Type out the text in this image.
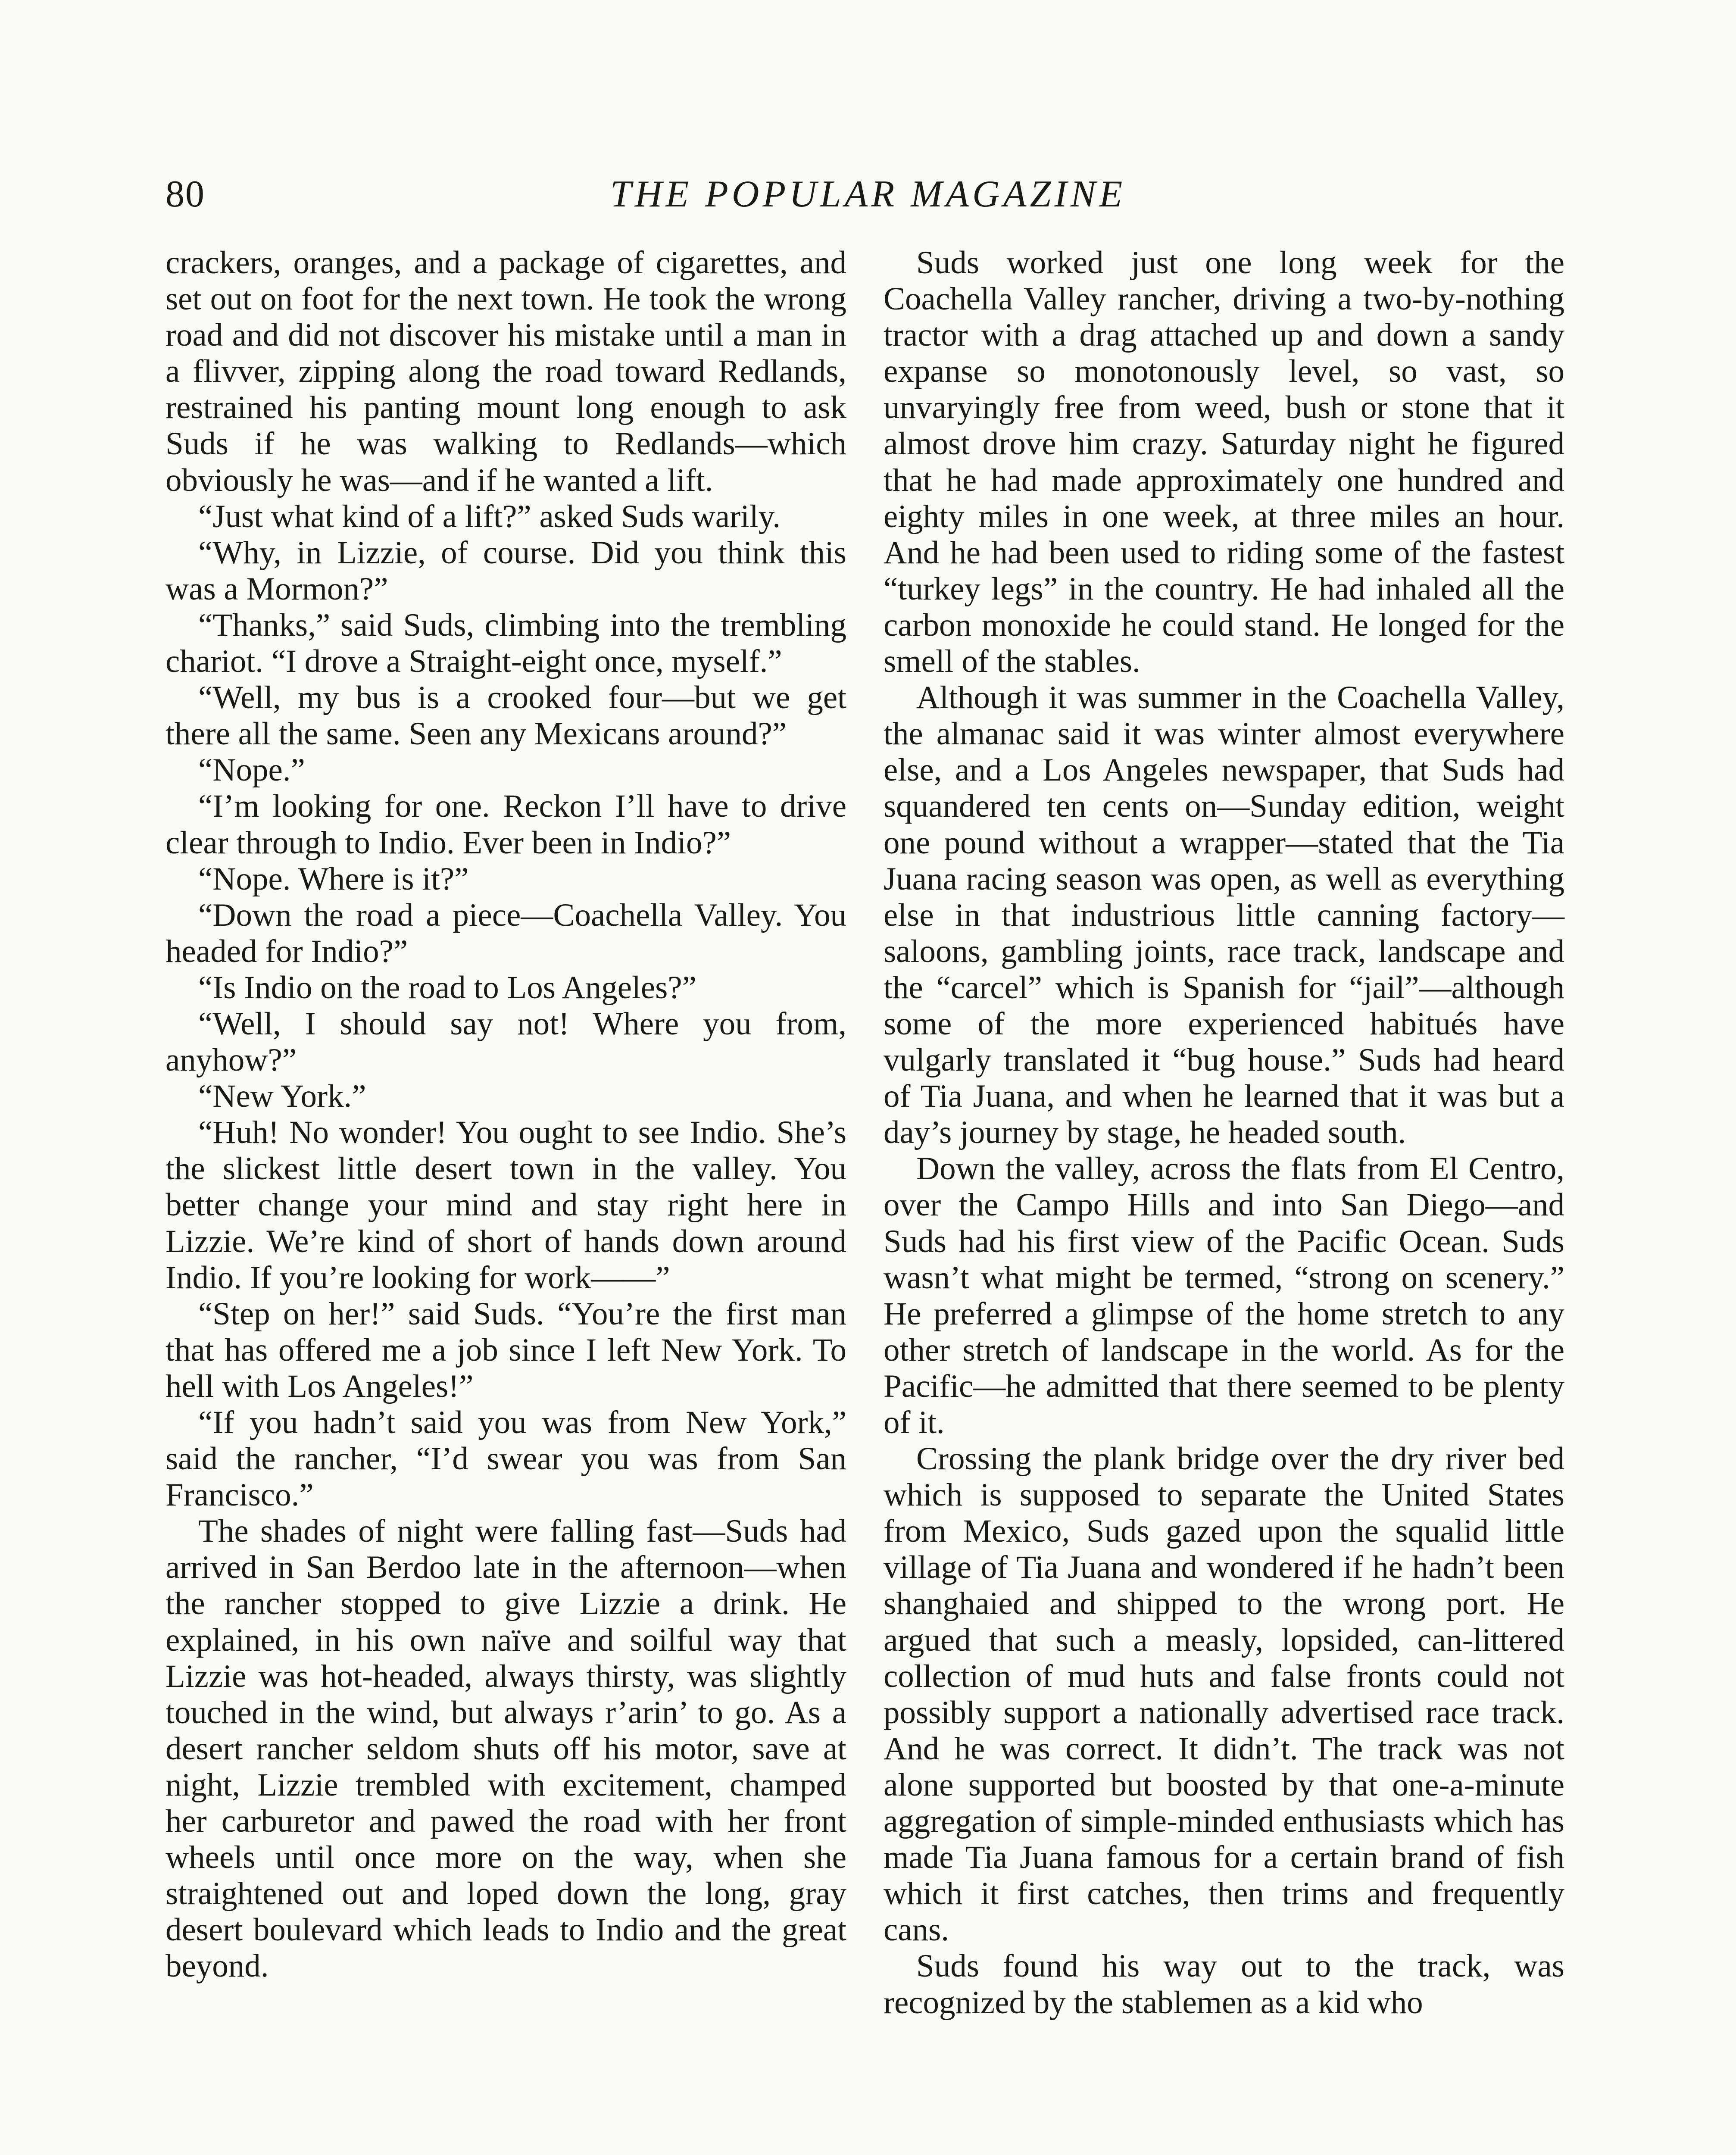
80	THE POPULAR MAGAZINE

crackers, oranges, and a package of cigarettes, and set out on foot for the next town. He took the wrong road and did not discover his mistake until a man in a flivver, zipping along the road toward Redlands, restrained his panting mount long enough to ask Suds if he was walking to Redlands—which obviously he was—and if he wanted a lift.

“Just what kind of a lift?” asked Suds warily.

“Why, in Lizzie, of course. Did you think this was a Mormon?”

“Thanks,” said Suds, climbing into the trembling chariot. “I drove a Straight-eight once, myself.”

“Well, my bus is a crooked four—but we get there all the same. Seen any Mexicans around?”

“Nope.”

“I’m looking for one. Reckon I’ll have to drive clear through to Indio. Ever been in Indio?”

“Nope. Where is it?”

“Down the road a piece—Coachella Valley. You headed for Indio?”

“Is Indio on the road to Los Angeles?”

“Well, I should say not! Where you from, anyhow?”

“New York.”

“Huh! No wonder! You ought to see Indio. She’s the slickest little desert town in the valley. You better change your mind and stay right here in Lizzie. We’re kind of short of hands down around Indio. If you’re looking for work——”

“Step on her!” said Suds. “You’re the first man that has offered me a job since I left New York. To hell with Los Angeles!”

“If you hadn’t said you was from New York,” said the rancher, “I’d swear you was from San Francisco.”

The shades of night were falling fast—Suds had arrived in San Berdoo late in the afternoon—when the rancher stopped to give Lizzie a drink. He explained, in his own naïve and soilful way that Lizzie was hot-headed, always thirsty, was slightly touched in the wind, but always r’arin’ to go. As a desert rancher seldom shuts off his motor, save at night, Lizzie trembled with excitement, champed her carburetor and pawed the road with her front wheels until once more on the way, when she straightened out and loped down the long, gray desert boulevard which leads to Indio and the great beyond.

Suds worked just one long week for the Coachella Valley rancher, driving a two-by-nothing tractor with a drag attached up and down a sandy expanse so monotonously level, so vast, so unvaryingly free from weed, bush or stone that it almost drove him crazy. Saturday night he figured that he had made approximately one hundred and eighty miles in one week, at three miles an hour. And he had been used to riding some of the fastest “turkey legs” in the country. He had inhaled all the carbon monoxide he could stand. He longed for the smell of the stables.

Although it was summer in the Coachella Valley, the almanac said it was winter almost everywhere else, and a Los Angeles newspaper, that Suds had squandered ten cents on—Sunday edition, weight one pound without a wrapper—stated that the Tia Juana racing season was open, as well as everything else in that industrious little canning factory—saloons, gambling joints, race track, landscape and the “carcel” which is Spanish for “jail”—although some of the more experienced habitués have vulgarly translated it “bug house.” Suds had heard of Tia Juana, and when he learned that it was but a day’s journey by stage, he headed south.

Down the valley, across the flats from El Centro, over the Campo Hills and into San Diego—and Suds had his first view of the Pacific Ocean. Suds wasn’t what might be termed, “strong on scenery.” He preferred a glimpse of the home stretch to any other stretch of landscape in the world. As for the Pacific—he admitted that there seemed to be plenty of it.

Crossing the plank bridge over the dry river bed which is supposed to separate the United States from Mexico, Suds gazed upon the squalid little village of Tia Juana and wondered if he hadn’t been shanghaied and shipped to the wrong port. He argued that such a measly, lopsided, can-littered collection of mud huts and false fronts could not possibly support a nationally advertised race track. And he was correct. It didn’t. The track was not alone supported but boosted by that one-a-minute aggregation of simple-minded enthusiasts which has made Tia Juana famous for a certain brand of fish which it first catches, then trims and frequently cans.

Suds found his way out to the track, was recognized by the stablemen as a kid who
